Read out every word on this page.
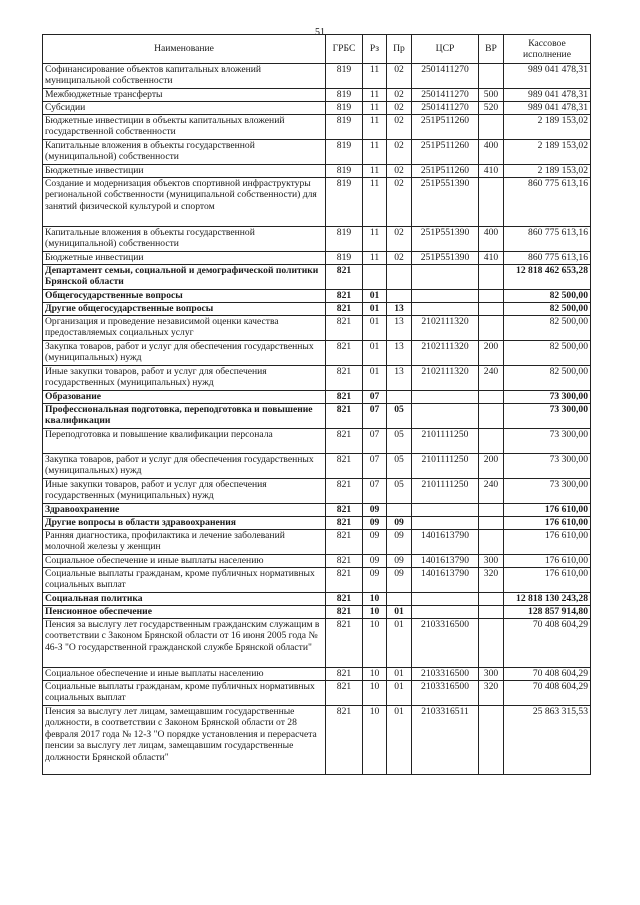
51
Наименование	ГРБС	Рз	Пр	ЦСР	ВР	Кассовое исполнение
Софинансирование объектов капитальных вложений муниципальной собственности	819	11	02	2501411270		989 041 478,31
Межбюджетные трансферты	819	11	02	2501411270	500	989 041 478,31
Субсидии	819	11	02	2501411270	520	989 041 478,31
Бюджетные инвестиции в объекты капитальных вложений государственной собственности	819	11	02	251P511260		2 189 153,02
Капитальные вложения в объекты государственной (муниципальной) собственности	819	11	02	251P511260	400	2 189 153,02
Бюджетные инвестиции	819	11	02	251P511260	410	2 189 153,02
Создание и модернизация объектов спортивной инфраструктуры региональной собственности (муниципальной собственности) для занятий физической культурой и спортом	819	11	02	251P551390		860 775 613,16
Капитальные вложения в объекты государственной (муниципальной) собственности	819	11	02	251P551390	400	860 775 613,16
Бюджетные инвестиции	819	11	02	251P551390	410	860 775 613,16
Департамент семьи, социальной и демографической политики Брянской области	821					12 818 462 653,28
Общегосударственные вопросы	821	01				82 500,00
Другие общегосударственные вопросы	821	01	13			82 500,00
Организация и проведение независимой оценки качества предоставляемых социальных услуг	821	01	13	2102111320		82 500,00
Закупка товаров, работ и услуг для обеспечения государственных (муниципальных) нужд	821	01	13	2102111320	200	82 500,00
Иные закупки товаров, работ и услуг для обеспечения государственных (муниципальных) нужд	821	01	13	2102111320	240	82 500,00
Образование	821	07				73 300,00
Профессиональная подготовка, переподготовка и повышение квалификации	821	07	05			73 300,00
Переподготовка и повышение квалификации персонала	821	07	05	2101111250		73 300,00
Закупка товаров, работ и услуг для обеспечения государственных (муниципальных) нужд	821	07	05	2101111250	200	73 300,00
Иные закупки товаров, работ и услуг для обеспечения государственных (муниципальных) нужд	821	07	05	2101111250	240	73 300,00
Здравоохранение	821	09				176 610,00
Другие вопросы в области здравоохранения	821	09	09			176 610,00
Ранняя диагностика, профилактика и лечение заболеваний молочной железы у женщин	821	09	09	1401613790		176 610,00
Социальное обеспечение и иные выплаты населению	821	09	09	1401613790	300	176 610,00
Социальные выплаты гражданам, кроме публичных нормативных социальных выплат	821	09	09	1401613790	320	176 610,00
Социальная политика	821	10				12 818 130 243,28
Пенсионное обеспечение	821	10	01			128 857 914,80
Пенсия за выслугу лет государственным гражданским служащим в соответствии с Законом Брянской области от 16 июня 2005 года № 46-З "О государственной гражданской службе Брянской области"	821	10	01	2103316500		70 408 604,29
Социальное обеспечение и иные выплаты населению	821	10	01	2103316500	300	70 408 604,29
Социальные выплаты гражданам, кроме публичных нормативных социальных выплат	821	10	01	2103316500	320	70 408 604,29
Пенсия за выслугу лет лицам, замещавшим государственные должности, в соответствии с Законом Брянской области от 28 февраля 2017 года № 12-З "О порядке установления и перерасчета пенсии за выслугу лет лицам, замещавшим государственные должности Брянской области"	821	10	01	2103316511		25 863 315,53
